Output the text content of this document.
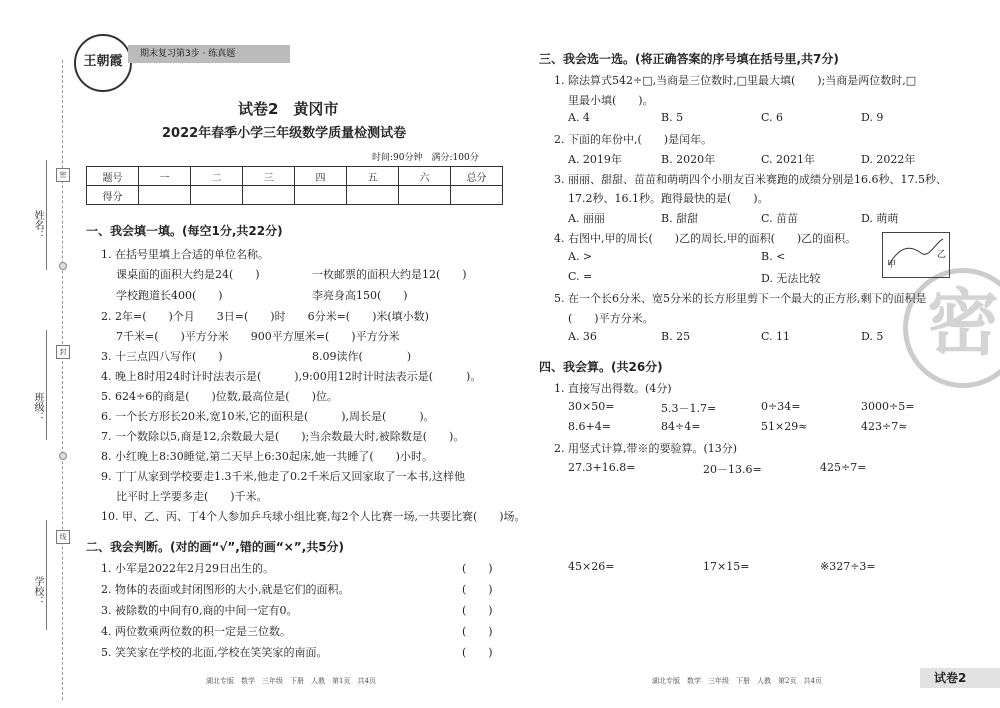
姓名：
班级：
学校：
密
封
线
王朝霞	期末复习第3步 · 练真题
试卷2　黄冈市
2022年春季小学三年级数学质量检测试卷
时间:90分钟　满分:100分
题号	一	二	三	四	五	六	总分
得分							
一、我会填一填。(每空1分,共22分)
1. 在括号里填上合适的单位名称。
课桌面的面积大约是24(　　)	一枚邮票的面积大约是12(　　)
学校跑道长400(　　)	李亮身高150(　　)
2. 2年=(　　)个月　　3日=(　　)时　　6分米=(　　)米(填小数)
7千米=(　　)平方分米　　900平方厘米=(　　)平方分米
3. 十三点四八写作(　　)	8.09读作(　　　　)
4. 晚上8时用24时计时法表示是(　　　),9:00用12时计时法表示是(　　　)。
5. 624÷6的商是(　　)位数,最高位是(　　)位。
6. 一个长方形长20米,宽10米,它的面积是(　　　),周长是(　　　)。
7. 一个数除以5,商是12,余数最大是(　　);当余数最大时,被除数是(　　)。
8. 小红晚上8:30睡觉,第二天早上6:30起床,她一共睡了(　　)小时。
9. 丁丁从家到学校要走1.3千米,他走了0.2千米后又回家取了一本书,这样他
比平时上学要多走(　　)千米。
10. 甲、乙、丙、丁4个人参加乒乓球小组比赛,每2个人比赛一场,一共要比赛(　　)场。
二、我会判断。(对的画“√”,错的画“×”,共5分)
1. 小军是2022年2月29日出生的。	(　　)
2. 物体的表面或封闭图形的大小,就是它们的面积。	(　　)
3. 被除数的中间有0,商的中间一定有0。	(　　)
4. 两位数乘两位数的积一定是三位数。	(　　)
5. 笑笑家在学校的北面,学校在笑笑家的南面。	(　　)
湖北专版　数学　三年级　下册　人教　第1页　共4页
密
三、我会选一选。(将正确答案的序号填在括号里,共7分)
1. 除法算式542÷□,当商是三位数时,□里最大填(　　);当商是两位数时,□
里最小填(　　)。
A. 4	B. 5	C. 6	D. 9
2. 下面的年份中,(　　)是闰年。
A. 2019年	B. 2020年	C. 2021年	D. 2022年
3. 丽丽、甜甜、苗苗和萌萌四个小朋友百米赛跑的成绩分别是16.6秒、17.5秒、
17.2秒、16.1秒。跑得最快的是(　　)。
A. 丽丽	B. 甜甜	C. 苗苗	D. 萌萌
4. 右图中,甲的周长(　　)乙的周长,甲的面积(　　)乙的面积。
A. >	B. <
C. =	D. 无法比较
甲
乙
5. 在一个长6分米、宽5分米的长方形里剪下一个最大的正方形,剩下的面积是
(　　)平方分米。
A. 36	B. 25	C. 11	D. 5
四、我会算。(共26分)
1. 直接写出得数。(4分)
30×50=	5.3－1.7=	0÷34=	3000÷5=
8.6+4=	84÷4=	51×29≈	423÷7≈
2. 用竖式计算,带※的要验算。(13分)
27.3+16.8=	20－13.6=	425÷7=
45×26=	17×15=	※327÷3=
湖北专版　数学　三年级　下册　人教　第2页　共4页	试卷2
